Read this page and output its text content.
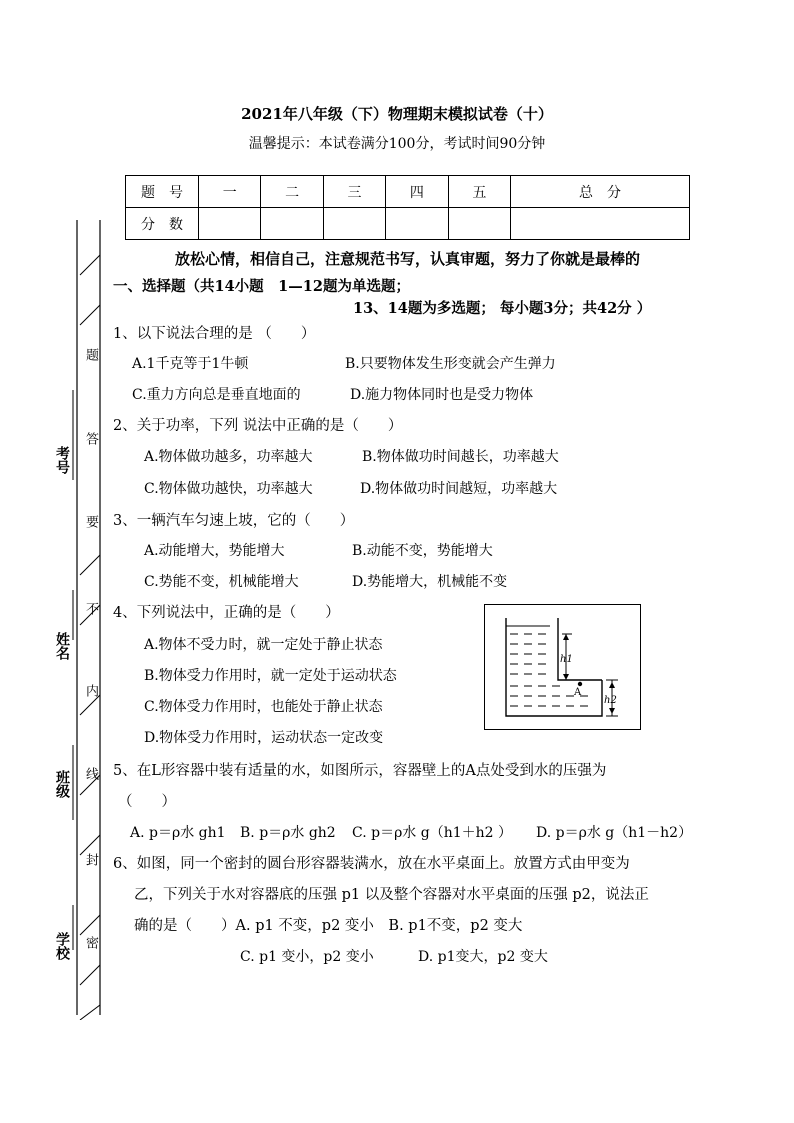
2021年八年级（下）物理期末模拟试卷（十）
温馨提示：本试卷满分100分，考试时间90分钟
题　号	一	二	三	四	五	总　分
分　数						
考号
姓名
班级
学校
题
答
要
不
内
线
封
密
放松心情，相信自己，注意规范书写，认真审题，努力了你就是最棒的
一、选择题（共14小题　1—12题为单选题；
13、14题为多选题； 每小题3分；共42分 ）
1、以下说法合理的是 （　　）
A.1千克等于1牛顿	B.只要物体发生形变就会产生弹力
C.重力方向总是垂直地面的	D.施力物体同时也是受力物体
2、关于功率，下列 说法中正确的是（　　）
A.物体做功越多，功率越大	B.物体做功时间越长，功率越大
C.物体做功越快，功率越大	D.物体做功时间越短，功率越大
3、一辆汽车匀速上坡，它的（　　）
A.动能增大，势能增大	B.动能不变，势能增大
C.势能不变，机械能增大	D.势能增大，机械能不变
4、下列说法中，正确的是（　　）
A.物体不受力时，就一定处于静止状态
B.物体受力作用时，就一定处于运动状态
C.物体受力作用时，也能处于静止状态
D.物体受力作用时，运动状态一定改变
A
h1
h2
5、在L形容器中装有适量的水，如图所示，容器壁上的A点处受到水的压强为
（　　）
A. p＝ρ水 gh1 B. p＝ρ水 gh2 C. p＝ρ水 g（h1＋h2 ） D. p＝ρ水 g（h1－h2）
6、如图，同一个密封的圆台形容器装满水，放在水平桌面上。放置方式由甲变为
乙，下列关于水对容器底的压强 p1 以及整个容器对水平桌面的压强 p2，说法正
确的是（　　）A. p1 不变，p2 变小　B. p1不变，p2 变大
C. p1 变小，p2 变小	D. p1变大，p2 变大
